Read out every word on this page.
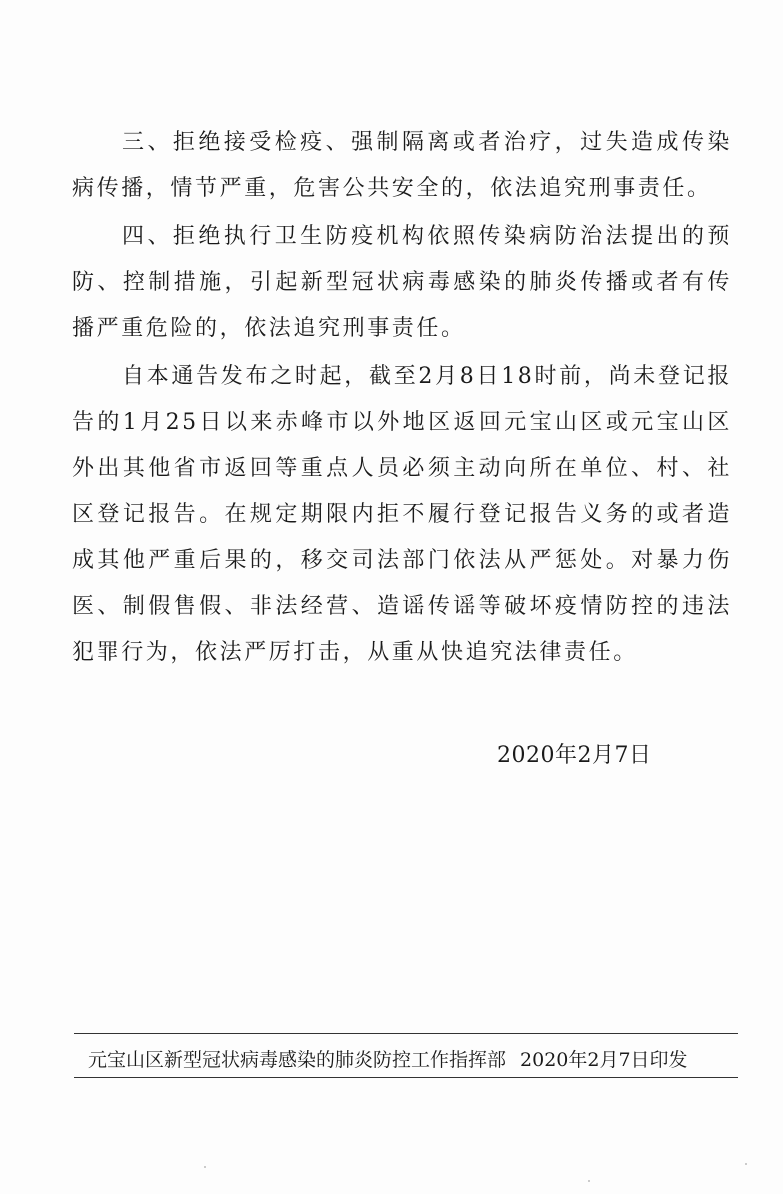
三、拒绝接受检疫、强制隔离或者治疗，过失造成传染病传播，情节严重，危害公共安全的，依法追究刑事责任。

四、拒绝执行卫生防疫机构依照传染病防治法提出的预防、控制措施，引起新型冠状病毒感染的肺炎传播或者有传播严重危险的，依法追究刑事责任。

自本通告发布之时起，截至2月8日18时前，尚未登记报告的1月25日以来赤峰市以外地区返回元宝山区或元宝山区外出其他省市返回等重点人员必须主动向所在单位、村、社区登记报告。在规定期限内拒不履行登记报告义务的或者造成其他严重后果的，移交司法部门依法从严惩处。对暴力伤医、制假售假、非法经营、造谣传谣等破坏疫情防控的违法犯罪行为，依法严厉打击，从重从快追究法律责任。

2020年2月7日
元宝山区新型冠状病毒感染的肺炎防控工作指挥部 2020年2月7日印发
